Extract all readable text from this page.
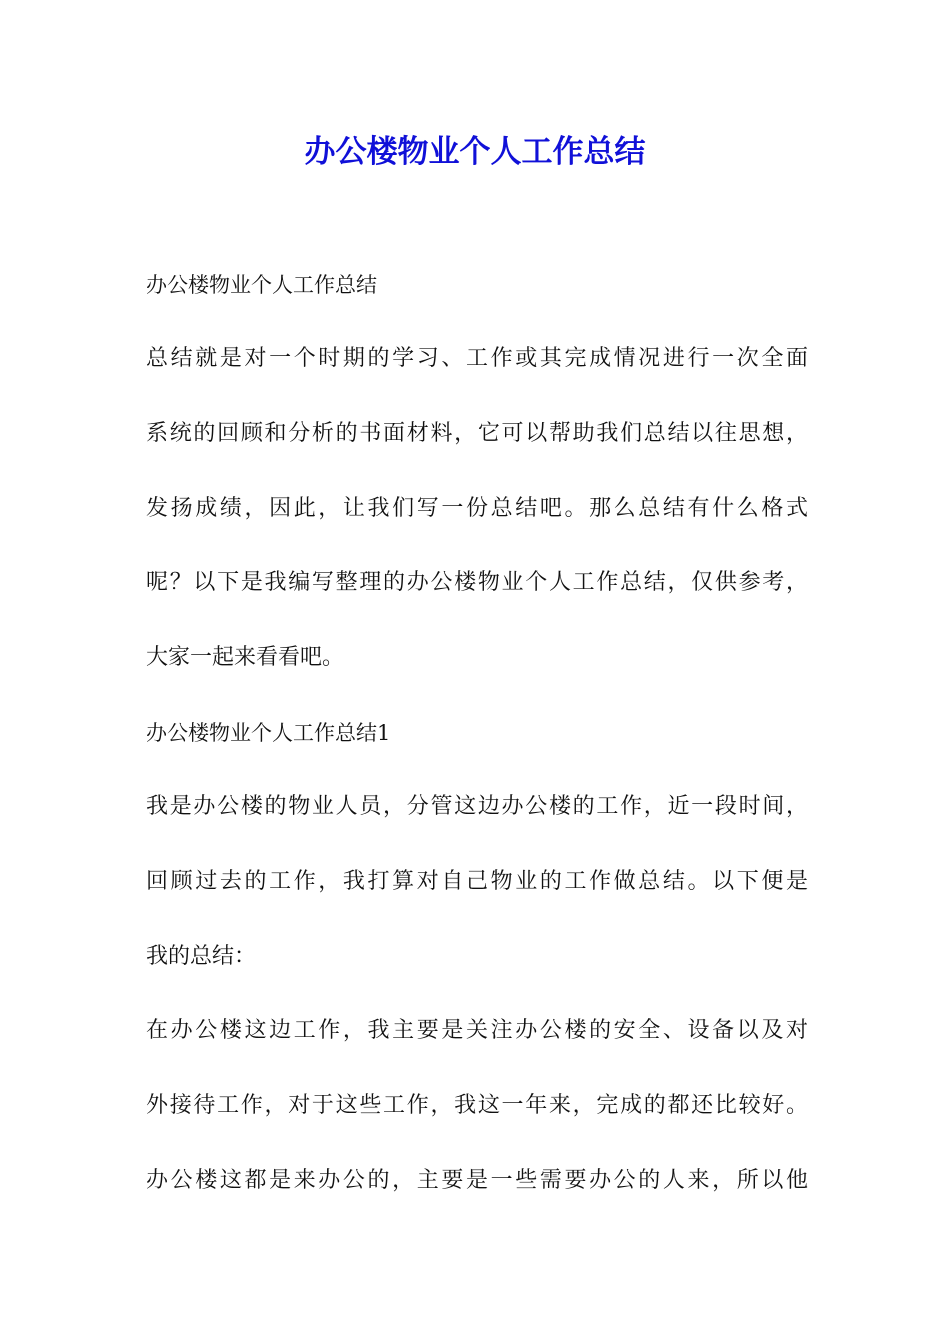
办公楼物业个人工作总结

办公楼物业个人工作总结

总结就是对一个时期的学习、工作或其完成情况进行一次全面

系统的回顾和分析的书面材料，它可以帮助我们总结以往思想，

发扬成绩，因此，让我们写一份总结吧。那么总结有什么格式

呢？以下是我编写整理的办公楼物业个人工作总结，仅供参考，

大家一起来看看吧。

办公楼物业个人工作总结1

我是办公楼的物业人员，分管这边办公楼的工作，近一段时间，

回顾过去的工作，我打算对自己物业的工作做总结。以下便是

我的总结：

在办公楼这边工作，我主要是关注办公楼的安全、设备以及对

外接待工作，对于这些工作，我这一年来，完成的都还比较好。

办公楼这都是来办公的，主要是一些需要办公的人来，所以他
